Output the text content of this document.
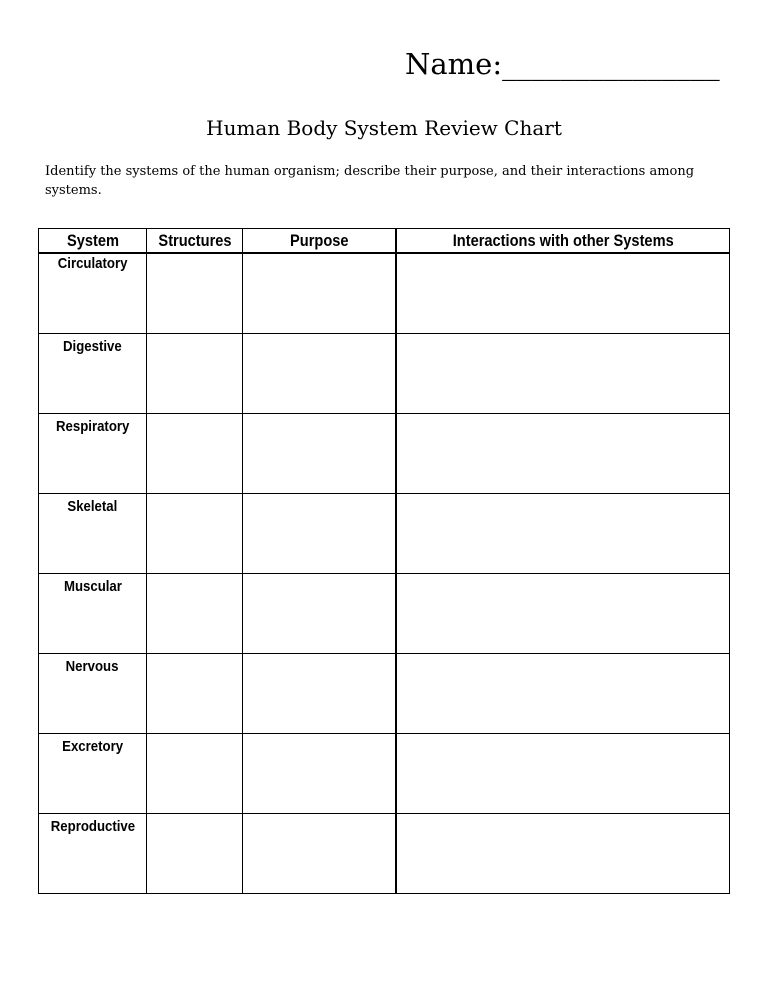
Name:_______________
Human Body System Review Chart
Identify the systems of the human organism; describe their purpose, and their interactions among systems.
System	Structures	Purpose	Interactions with other Systems
Circulatory			
Digestive			
Respiratory			
Skeletal			
Muscular			
Nervous			
Excretory			
Reproductive			
